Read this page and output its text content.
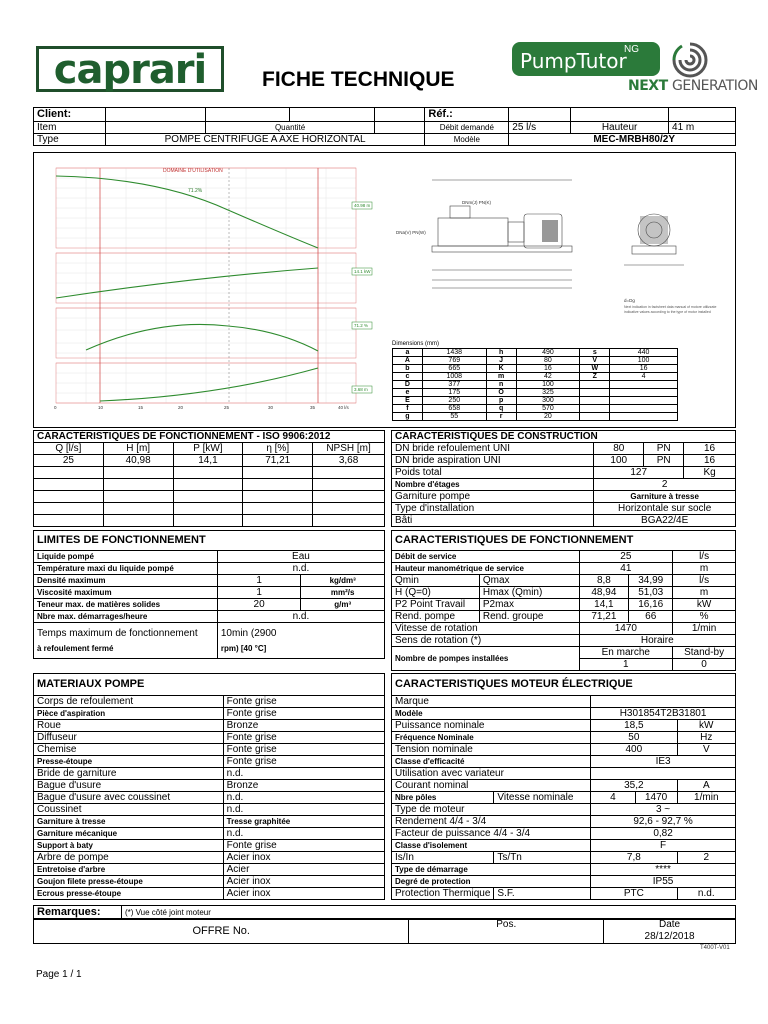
caprari	FICHE TECHNIQUE
PumpTutor
NG
NEXT GENERATION
Client:					Réf.:			
Item		Quantité			Débit demandé	25 l/s	Hauteur	41 m
Type	POMPE CENTRIFUGE A AXE HORIZONTAL				Modèle	MEC-MRBH80/2Y		
DOMAINE D'UTILISATION
71.2%
40.98 m
14.1 kW
71.2 %
3.68 m
0	10	15	20	25	30	35	40 l/s
DNa(V) PN(W)
DNm(J) PN(K)
d=Dg
Next indication in factsheet data manual of motore utilizzate
indicative values according to the type of motor installed
Dimensions (mm)
a	1438	h	490	s	440
A	769	J	80	V	100
b	665	K	16	W	16
c	1008	m	42	Z	4
D	377	n	100		
e	175	O	325		
E	250	p	300		
f	658	q	570		
g	55	r	20		
CARACTÉRISTIQUES DE FONCTIONNEMENT - ISO 9906:2012				
Q [l/s]	H [m]	P [kW]	η [%]	NPSH [m]
25	40,98	14,1	71,21	3,68

CARACTÉRISTIQUES DE CONSTRUCTION			
DN bride refoulement UNI	80	PN	16
DN bride aspiration UNI	100	PN	16
Poids total	127		Kg
Nombre d'étages	2		
Garniture pompe	Garniture à tresse		
Type d'installation	Horizontale sur socle		
Bâti	BGA22/4E		
LIMITES DE FONCTIONNEMENT		
Liquide pompé	Eau	
Température maxi du liquide pompé	n.d.	
Densité maximum	1	kg/dm³
Viscosité maximum	1	mm²/s
Teneur max. de matières solides	20	g/m³
Nbre max. démarrages/heure	n.d.	
Temps maximum de fonctionnement
à refoulement fermé	10min (2900
rpm) [40 °C]	
CARACTERISTIQUES DE FONCTIONNEMENT				
Débit de service		25		l/s
Hauteur manométrique de service		41		m
Qmin	Qmax	8,8	34,99	l/s
H (Q=0)	Hmax (Qmin)	48,94	51,03	m
P2 Point Travail	P2max	14,1	16,16	kW
Rend. pompe	Rend. groupe	71,21	66	%
Vitesse de rotation		1470		1/min
Sens de rotation (*)		Horaire		
Nombre de pompes installées		En marche		Stand-by
		1		0
MATERIAUX POMPE	
Corps de refoulement	Fonte grise
Pièce d'aspiration	Fonte grise
Roue	Bronze
Diffuseur	Fonte grise
Chemise	Fonte grise
Presse-étoupe	Fonte grise
Bride de garniture	n.d.
Bague d'usure	Bronze
Bague d'usure avec coussinet	n.d.
Coussinet	n.d.
Garniture à tresse	Tresse graphitée
Garniture mécanique	n.d.
Support à baty	Fonte grise
Arbre de pompe	Acier inox
Entretoise d'arbre	Acier
Goujon filete presse-étoupe	Acier inox
Ecrous presse-étoupe	Acier inox
CARACTERISTIQUES MOTEUR ÉLECTRIQUE				
Marque				
Modèle		H301854T2B31801		
Puissance nominale		18,5		kW
Fréquence Nominale		50		Hz
Tension nominale		400		V
Classe d'efficacité		IE3		
Utilisation avec variateur				
Courant nominal		35,2		A
Nbre pôles	Vitesse nominale	4	1470	1/min
Type de moteur		3 ~		
Rendement 4/4 - 3/4		92,6 - 92,7 %		
Facteur de puissance 4/4 - 3/4		0,82		
Classe d'isolement		F		
Is/In	Ts/Tn	7,8		2
Type de démarrage		****		
Degré de protection		IP55		
Protection Thermique	S.F.	PTC		n.d.
Remarques:	(*) Vue côté joint moteur
OFFRE No.	Pos.	Date
28/12/2018
T400T-V01
Page 1 / 1
